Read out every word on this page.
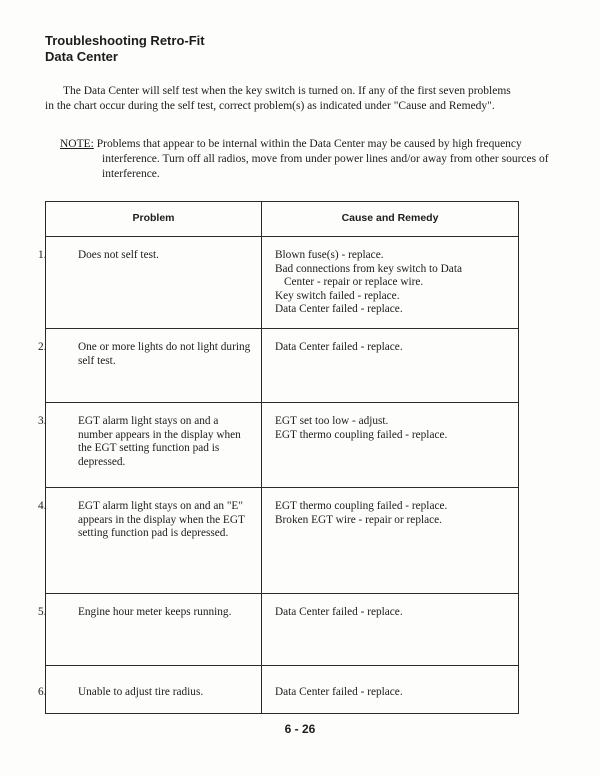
Troubleshooting Retro-Fit
Data Center
The Data Center will self test when the key switch is turned on. If any of the first seven problems in the chart occur during the self test, correct problem(s) as indicated under "Cause and Remedy".
NOTE: Problems that appear to be internal within the Data Center may be caused by high frequency interference. Turn off all radios, move from under power lines and/or away from other sources of interference.
Problem	Cause and Remedy

1. Does not self test.	Blown fuse(s) - replace.
Bad connections from key switch to Data
Center - repair or replace wire.
Key switch failed - replace.
Data Center failed - replace.

2. One or more lights do not light during self test.	Data Center failed - replace.

3. EGT alarm light stays on and a number appears in the display when the EGT setting function pad is depressed.	EGT set too low - adjust.
EGT thermo coupling failed - replace.

4. EGT alarm light stays on and an "E" appears in the display when the EGT setting function pad is depressed.	EGT thermo coupling failed - replace.
Broken EGT wire - repair or replace.

5. Engine hour meter keeps running.	Data Center failed - replace.

6. Unable to adjust tire radius.	Data Center failed - replace.
6 - 26
